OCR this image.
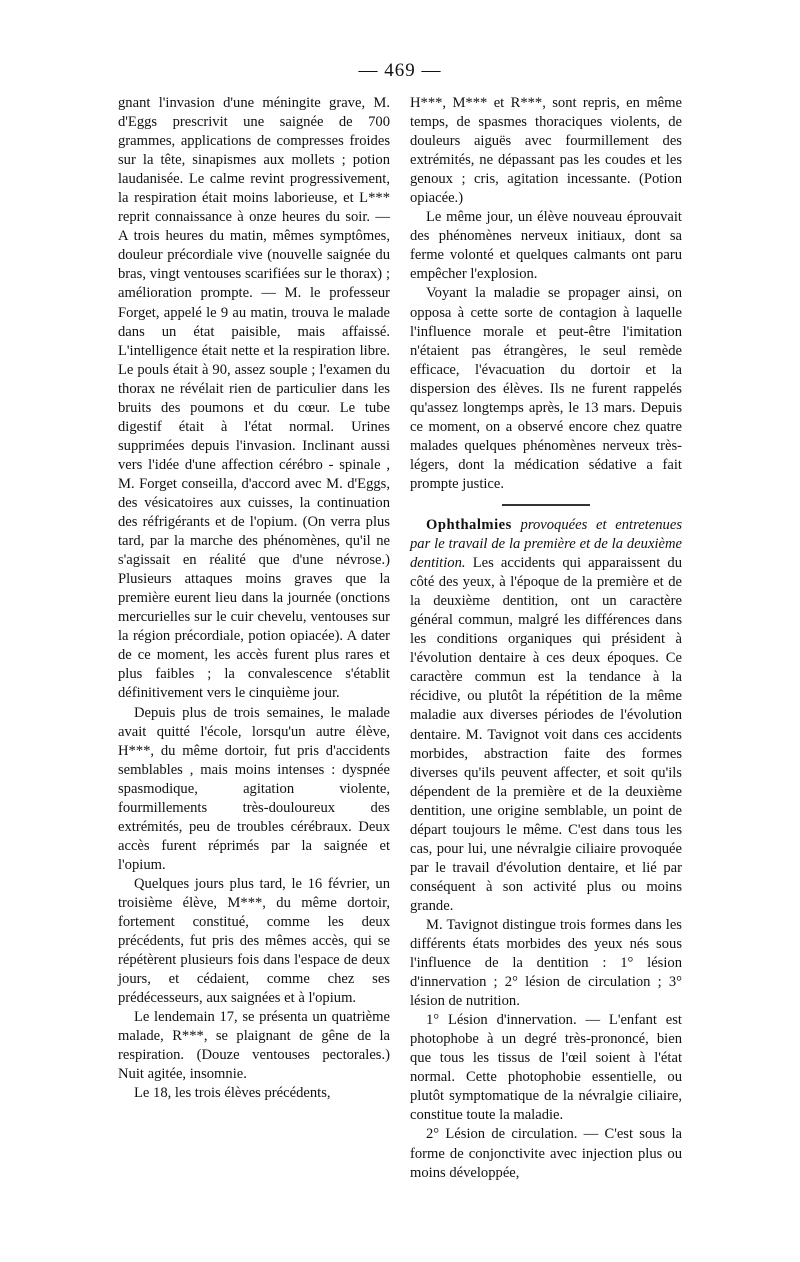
— 469 —

gnant l'invasion d'une méningite grave, M. d'Eggs prescrivit une saignée de 700 grammes, applications de compresses froides sur la tête, sinapismes aux mollets ; potion laudanisée. Le calme revint progressivement, la respiration était moins laborieuse, et L*** reprit connaissance à onze heures du soir. — A trois heures du matin, mêmes symptômes, douleur précordiale vive (nouvelle saignée du bras, vingt ventouses scarifiées sur le thorax) ; amélioration prompte. — M. le professeur Forget, appelé le 9 au matin, trouva le malade dans un état paisible, mais affaissé. L'intelligence était nette et la respiration libre. Le pouls était à 90, assez souple ; l'examen du thorax ne révélait rien de particulier dans les bruits des poumons et du cœur. Le tube digestif était à l'état normal. Urines supprimées depuis l'invasion. Inclinant aussi vers l'idée d'une affection cérébro - spinale , M. Forget conseilla, d'accord avec M. d'Eggs, des vésicatoires aux cuisses, la continuation des réfrigérants et de l'opium. (On verra plus tard, par la marche des phénomènes, qu'il ne s'agissait en réalité que d'une névrose.) Plusieurs attaques moins graves que la première eurent lieu dans la journée (onctions mercurielles sur le cuir chevelu, ventouses sur la région précordiale, potion opiacée). A dater de ce moment, les accès furent plus rares et plus faibles ; la convalescence s'établit définitivement vers le cinquième jour.

Depuis plus de trois semaines, le malade avait quitté l'école, lorsqu'un autre élève, H***, du même dortoir, fut pris d'accidents semblables , mais moins intenses : dyspnée spasmodique, agitation violente, fourmillements très-douloureux des extrémités, peu de troubles cérébraux. Deux accès furent réprimés par la saignée et l'opium.

Quelques jours plus tard, le 16 février, un troisième élève, M***, du même dortoir, fortement constitué, comme les deux précédents, fut pris des mêmes accès, qui se répétèrent plusieurs fois dans l'espace de deux jours, et cédaient, comme chez ses prédécesseurs, aux saignées et à l'opium.

Le lendemain 17, se présenta un quatrième malade, R***, se plaignant de gêne de la respiration. (Douze ventouses pectorales.) Nuit agitée, insomnie.

Le 18, les trois élèves précédents,

H***, M*** et R***, sont repris, en même temps, de spasmes thoraciques violents, de douleurs aiguës avec fourmillement des extrémités, ne dépassant pas les coudes et les genoux ; cris, agitation incessante. (Potion opiacée.)

Le même jour, un élève nouveau éprouvait des phénomènes nerveux initiaux, dont sa ferme volonté et quelques calmants ont paru empêcher l'explosion.

Voyant la maladie se propager ainsi, on opposa à cette sorte de contagion à laquelle l'influence morale et peut-être l'imitation n'étaient pas étrangères, le seul remède efficace, l'évacuation du dortoir et la dispersion des élèves. Ils ne furent rappelés qu'assez longtemps après, le 13 mars. Depuis ce moment, on a observé encore chez quatre malades quelques phénomènes nerveux très-légers, dont la médication sédative a fait prompte justice.

Ophthalmies provoquées et entretenues par le travail de la première et de la deuxième dentition. Les accidents qui apparaissent du côté des yeux, à l'époque de la première et de la deuxième dentition, ont un caractère général commun, malgré les différences dans les conditions organiques qui président à l'évolution dentaire à ces deux époques. Ce caractère commun est la tendance à la récidive, ou plutôt la répétition de la même maladie aux diverses périodes de l'évolution dentaire. M. Tavignot voit dans ces accidents morbides, abstraction faite des formes diverses qu'ils peuvent affecter, et soit qu'ils dépendent de la première et de la deuxième dentition, une origine semblable, un point de départ toujours le même. C'est dans tous les cas, pour lui, une névralgie ciliaire provoquée par le travail d'évolution dentaire, et lié par conséquent à son activité plus ou moins grande.

M. Tavignot distingue trois formes dans les différents états morbides des yeux nés sous l'influence de la dentition : 1° lésion d'innervation ; 2° lésion de circulation ; 3° lésion de nutrition.

1° Lésion d'innervation. — L'enfant est photophobe à un degré très-prononcé, bien que tous les tissus de l'œil soient à l'état normal. Cette photophobie essentielle, ou plutôt symptomatique de la névralgie ciliaire, constitue toute la maladie.

2° Lésion de circulation. — C'est sous la forme de conjonctivite avec injection plus ou moins développée,
